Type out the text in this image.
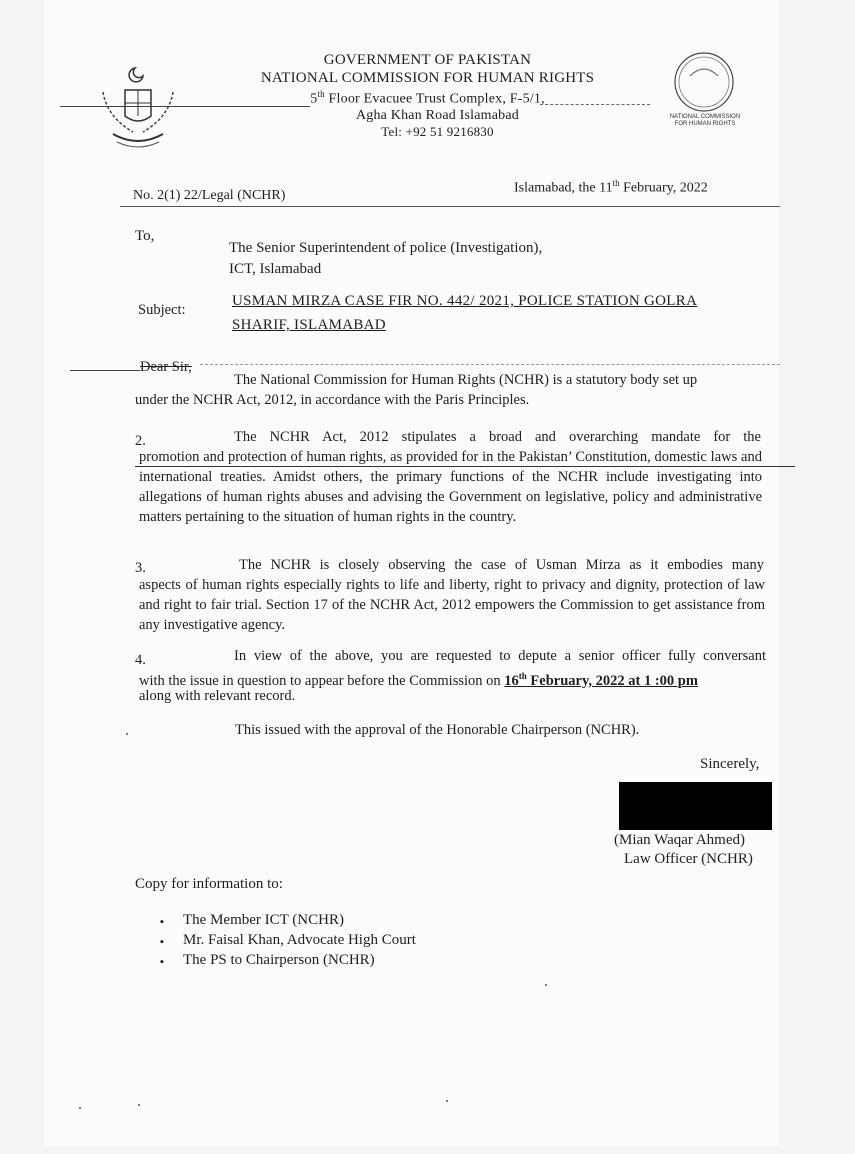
NATIONAL COMMISSION
FOR HUMAN RIGHTS
GOVERNMENT OF PAKISTAN
NATIONAL COMMISSION FOR HUMAN RIGHTS
5th Floor Evacuee Trust Complex, F-5/1,
Agha Khan Road Islamabad
Tel: +92 51 9216830
No. 2(1) 22/Legal (NCHR)	Islamabad, the 11th February, 2022
To,
The Senior Superintendent of police (Investigation),
ICT, Islamabad
Subject:
USMAN MIRZA CASE FIR NO. 442/ 2021, POLICE STATION GOLRA
SHARIF, ISLAMABAD
Dear Sir,
The National Commission for Human Rights (NCHR) is a statutory body set up
under the NCHR Act, 2012, in accordance with the Paris Principles.
2.	The NCHR Act, 2012 stipulates a broad and overarching mandate for the
promotion and protection of human rights, as provided for in the Pakistan’ Constitution, domestic laws and international treaties. Amidst others, the primary functions of the NCHR include investigating into allegations of human rights abuses and advising the Government on legislative, policy and administrative matters pertaining to the situation of human rights in the country.
3.	The NCHR is closely observing the case of Usman Mirza as it embodies many
aspects of human rights especially rights to life and liberty, right to privacy and dignity, protection of law and right to fair trial. Section 17 of the NCHR Act, 2012 empowers the Commission to get assistance from any investigative agency.
4.	In view of the above, you are requested to depute a senior officer fully conversant
with the issue in question to appear before the Commission on 16th February, 2022 at 1 :00 pm
along with relevant record.
This issued with the approval of the Honorable Chairperson (NCHR).
Sincerely,
(Mian Waqar Ahmed)
Law Officer (NCHR)
Copy for information to:
▪ The Member ICT (NCHR)
▪ Mr. Faisal Khan, Advocate High Court
▪ The PS to Chairperson (NCHR)
